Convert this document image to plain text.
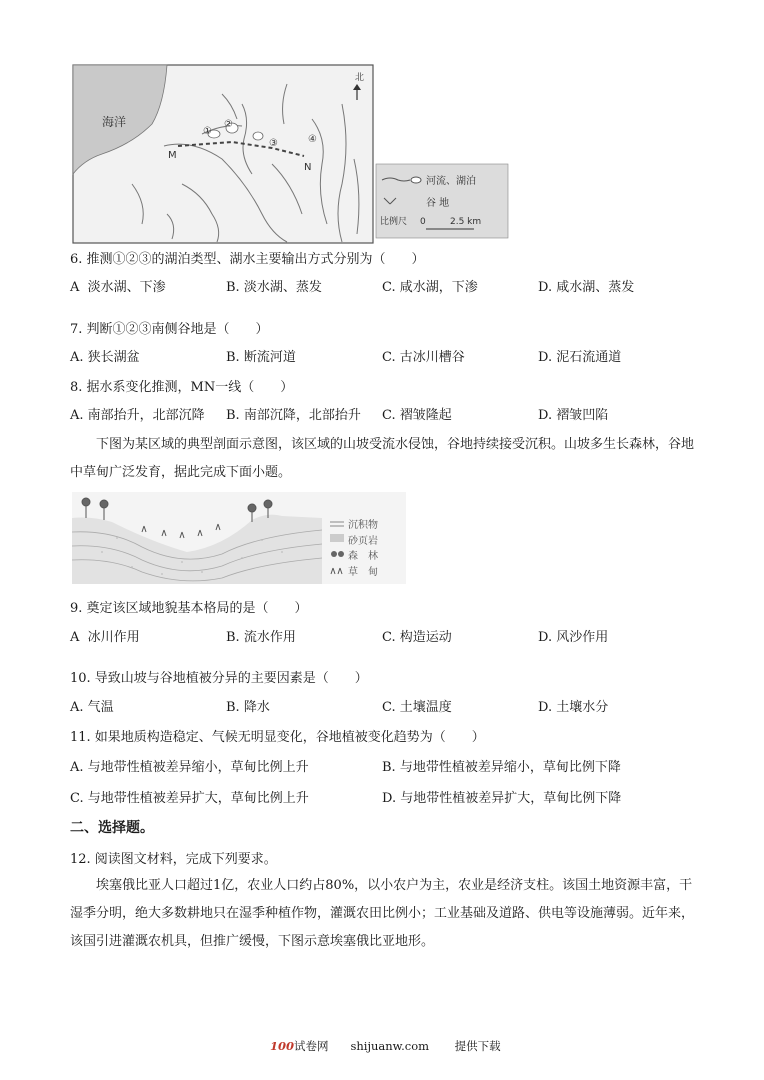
海洋
①
②
③	④
M
N
北
河流、湖泊
谷 地
比例尺 0	2.5 km
6. 推测①②③的湖泊类型、湖水主要输出方式分别为（　　）
A 淡水湖、下渗	B. 淡水湖、蒸发	C. 咸水湖，下渗	D. 咸水湖、蒸发
7. 判断①②③南侧谷地是（　　）
A. 狭长湖盆	B. 断流河道	C. 古冰川槽谷	D. 泥石流通道
8. 据水系变化推测，MN一线（　　）
A. 南部抬升，北部沉降 B. 南部沉降，北部抬升 C. 褶皱隆起	D. 褶皱凹陷
下图为某区域的典型剖面示意图，该区域的山坡受流水侵蚀，谷地持续接受沉积。山坡多生长森林，谷地中草甸广泛发育，据此完成下面小题。
沉积物
砂页岩
森　林
草　甸
9. 奠定该区域地貌基本格局的是（　　）
A 冰川作用	B. 流水作用	C. 构造运动	D. 风沙作用
10. 导致山坡与谷地植被分异的主要因素是（　　）
A. 气温	B. 降水	C. 土壤温度	D. 土壤水分
11. 如果地质构造稳定、气候无明显变化，谷地植被变化趋势为（　　）
A. 与地带性植被差异缩小，草甸比例上升	B. 与地带性植被差异缩小，草甸比例下降
C. 与地带性植被差异扩大，草甸比例上升	D. 与地带性植被差异扩大，草甸比例下降
二、选择题。
12. 阅读图文材料，完成下列要求。
埃塞俄比亚人口超过1亿，农业人口约占80%，以小农户为主，农业是经济支柱。该国土地资源丰富，干湿季分明，绝大多数耕地只在湿季种植作物，灌溉农田比例小；工业基础及道路、供电等设施薄弱。近年来，该国引进灌溉农机具，但推广缓慢，下图示意埃塞俄比亚地形。
100试卷网 shijuanw.com 提供下载
